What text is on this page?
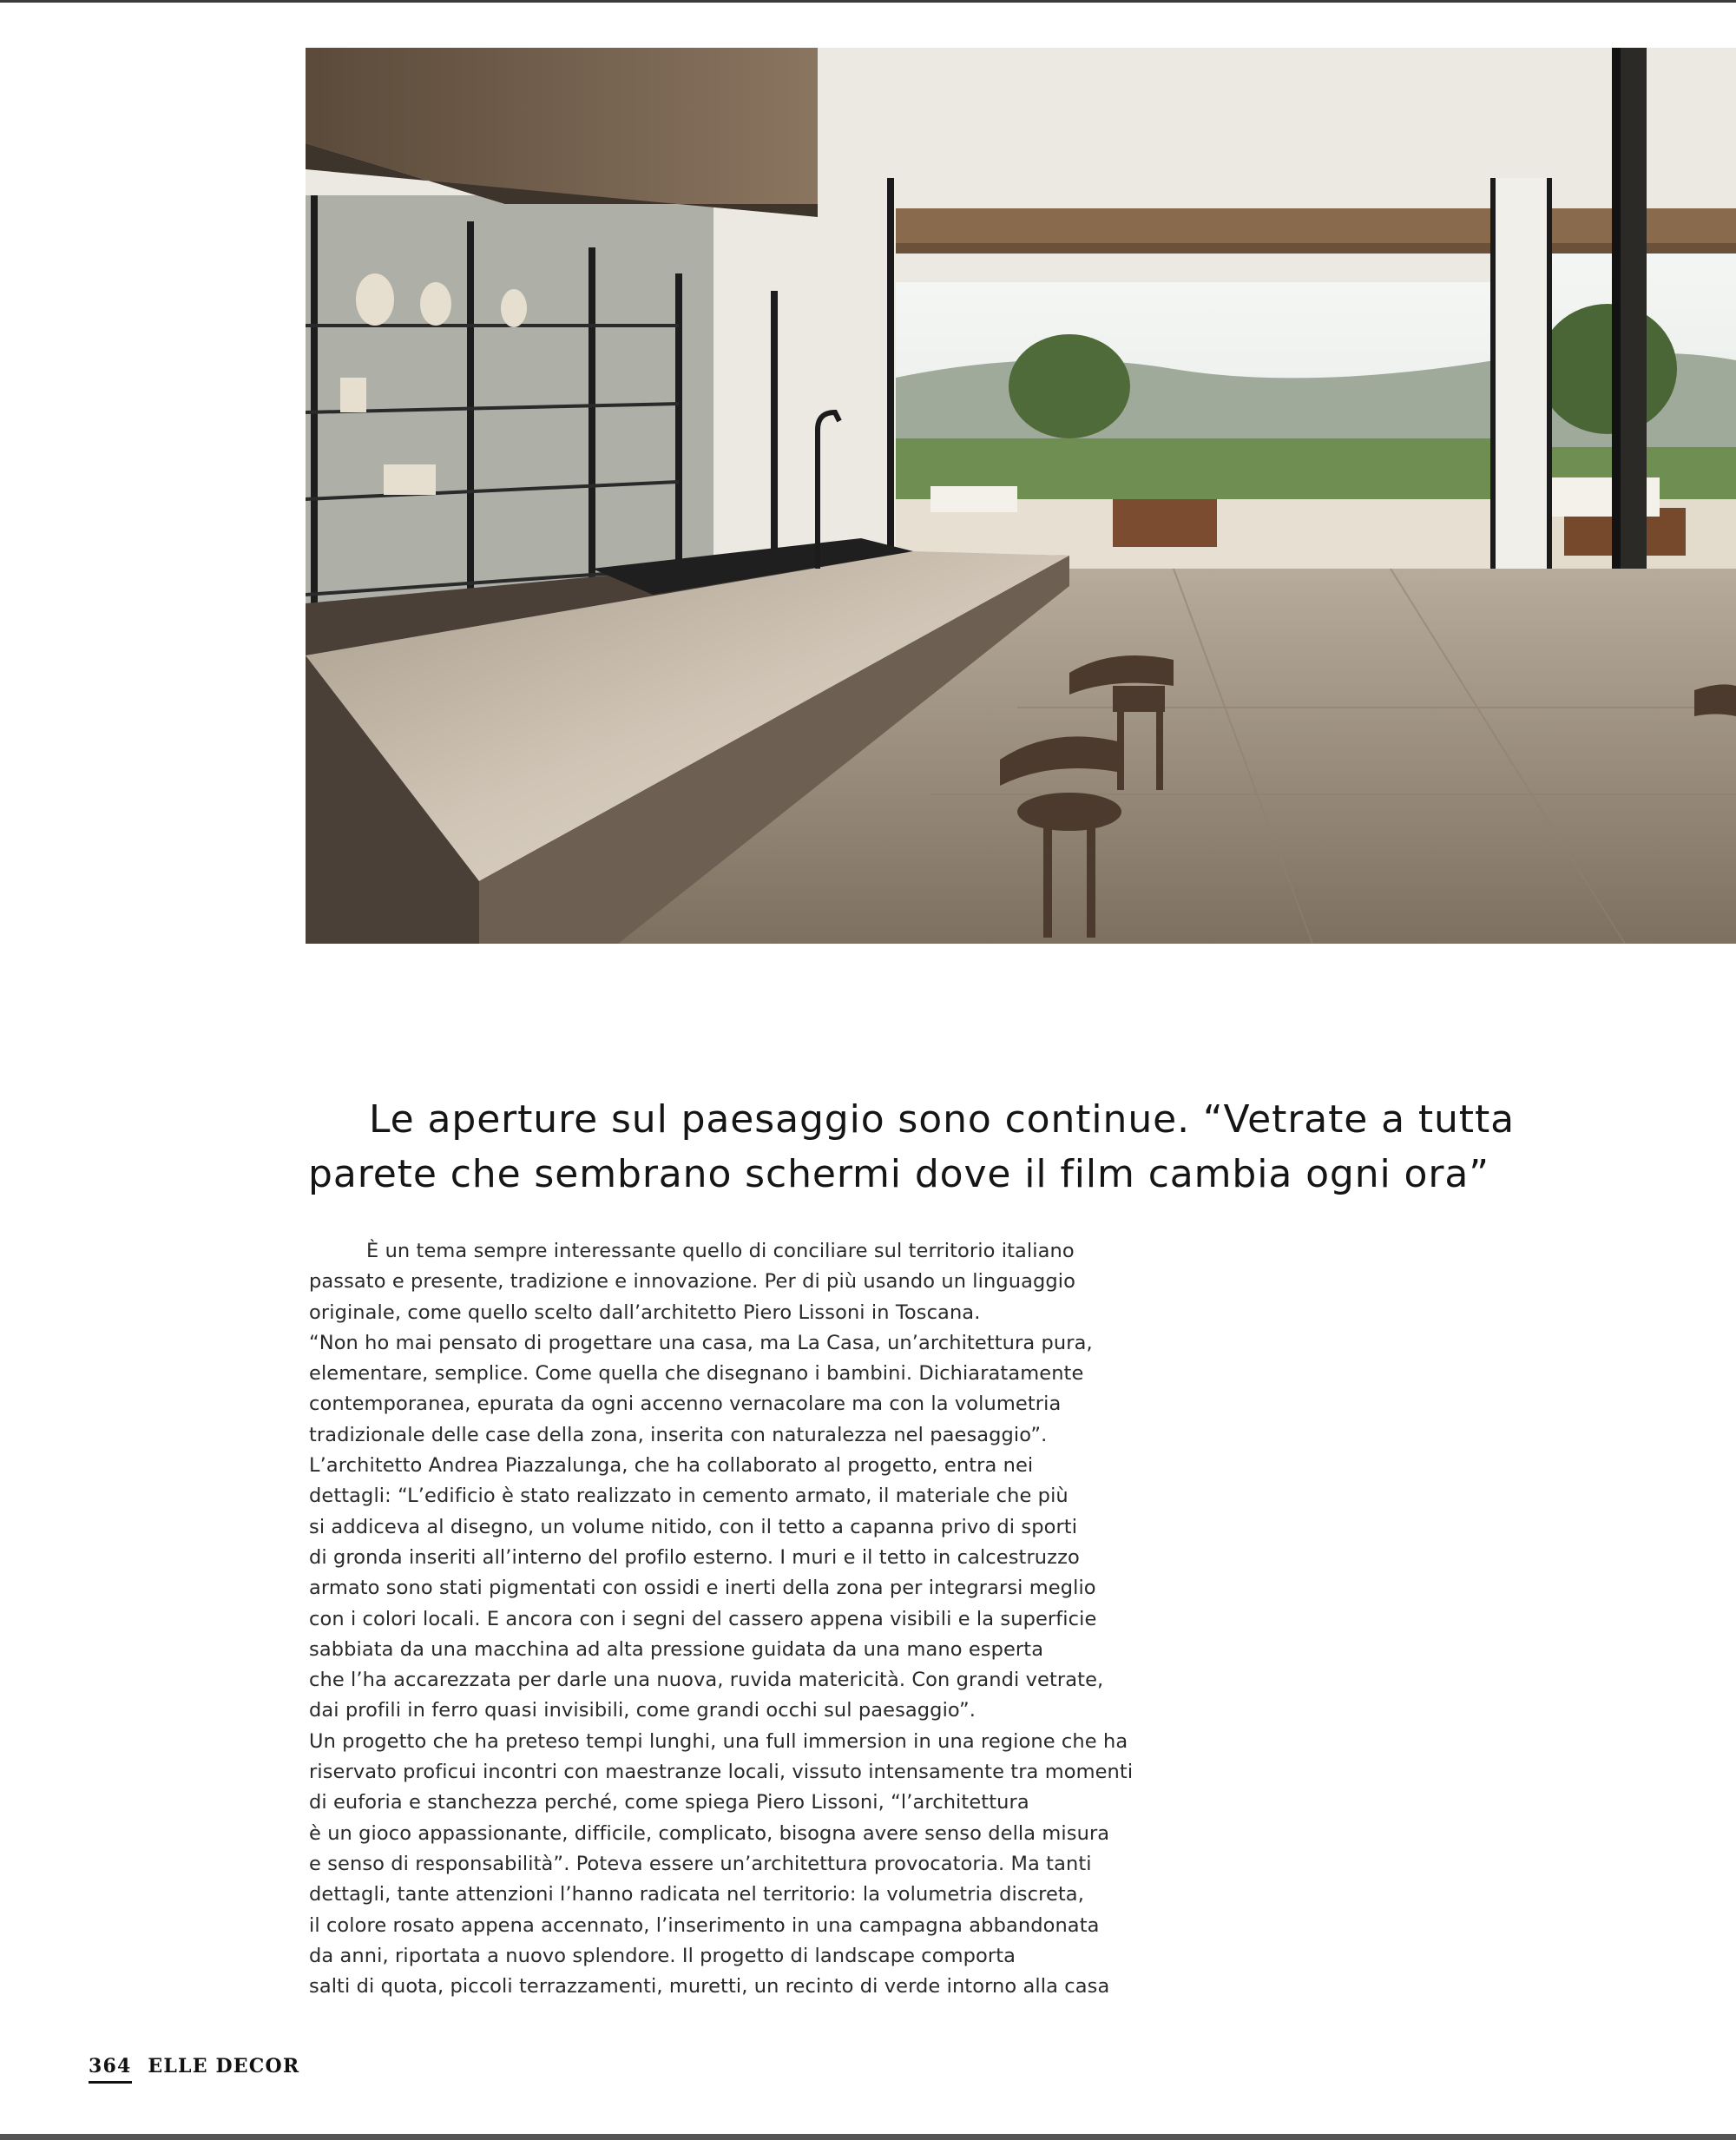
Le aperture sul paesaggio sono continue. “Vetrate a tutta
parete che sembrano schermi dove il film cambia ogni ora”
È un tema sempre interessante quello di conciliare sul territorio italiano
passato e presente, tradizione e innovazione. Per di più usando un linguaggio
originale, come quello scelto dall’architetto Piero Lissoni in Toscana.
“Non ho mai pensato di progettare una casa, ma La Casa, un’architettura pura,
elementare, semplice. Come quella che disegnano i bambini. Dichiaratamente
contemporanea, epurata da ogni accenno vernacolare ma con la volumetria
tradizionale delle case della zona, inserita con naturalezza nel paesaggio”.
L’architetto Andrea Piazzalunga, che ha collaborato al progetto, entra nei
dettagli: “L’edificio è stato realizzato in cemento armato, il materiale che più
si addiceva al disegno, un volume nitido, con il tetto a capanna privo di sporti
di gronda inseriti all’interno del profilo esterno. I muri e il tetto in calcestruzzo
armato sono stati pigmentati con ossidi e inerti della zona per integrarsi meglio
con i colori locali. E ancora con i segni del cassero appena visibili e la superficie
sabbiata da una macchina ad alta pressione guidata da una mano esperta
che l’ha accarezzata per darle una nuova, ruvida matericità. Con grandi vetrate,
dai profili in ferro quasi invisibili, come grandi occhi sul paesaggio”.
Un progetto che ha preteso tempi lunghi, una full immersion in una regione che ha
riservato proficui incontri con maestranze locali, vissuto intensamente tra momenti
di euforia e stanchezza perché, come spiega Piero Lissoni, “l’architettura
è un gioco appassionante, difficile, complicato, bisogna avere senso della misura
e senso di responsabilità”. Poteva essere un’architettura provocatoria. Ma tanti
dettagli, tante attenzioni l’hanno radicata nel territorio: la volumetria discreta,
il colore rosato appena accennato, l’inserimento in una campagna abbandonata
da anni, riportata a nuovo splendore. Il progetto di landscape comporta
salti di quota, piccoli terrazzamenti, muretti, un recinto di verde intorno alla casa
364 ELLE DECOR
